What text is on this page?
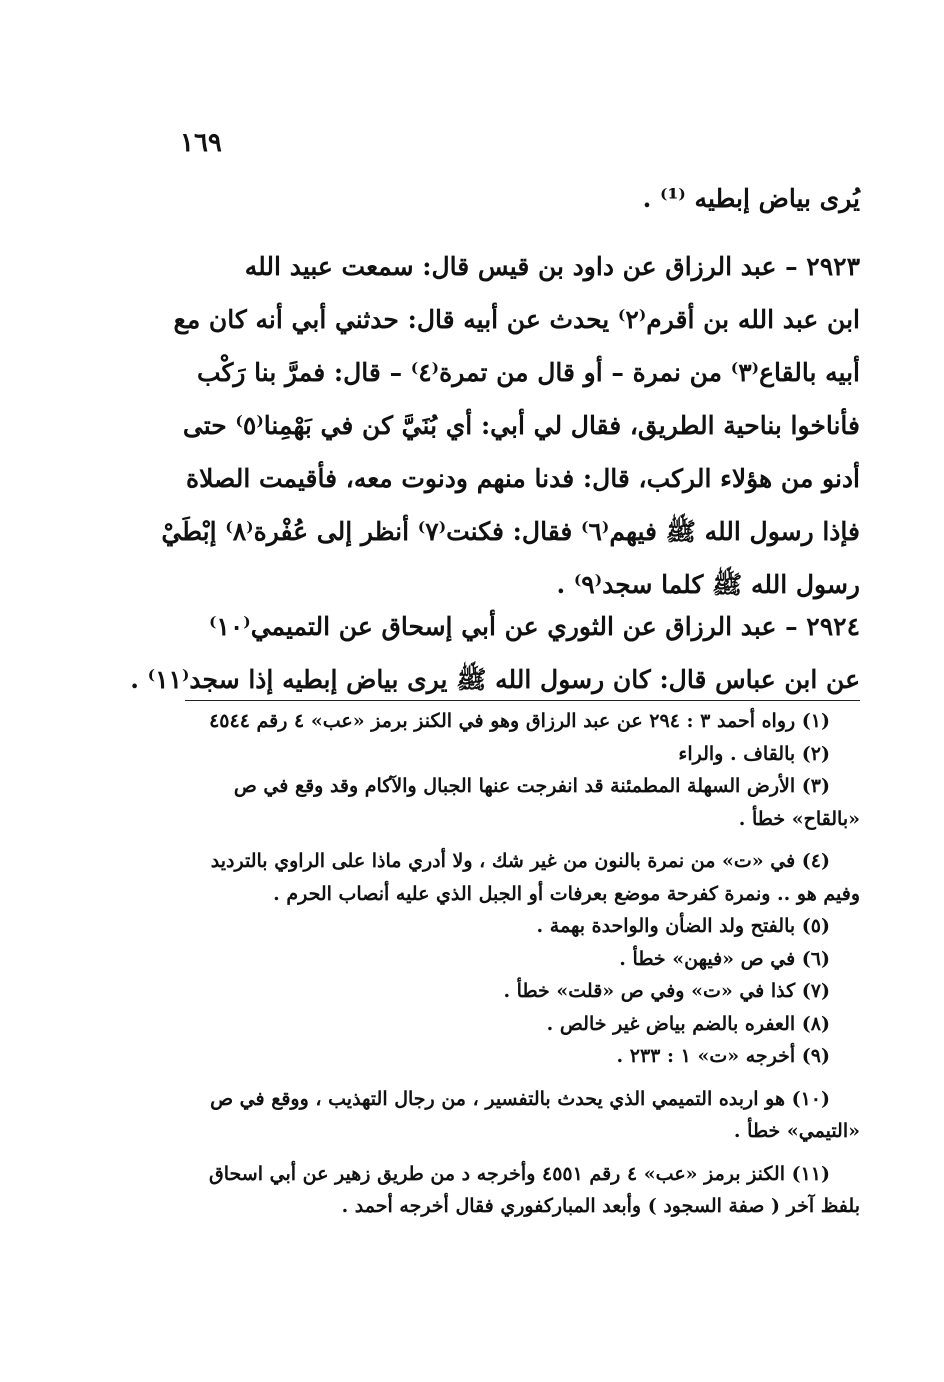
١٦٩
يُرى بياض إبطيه ⁽¹⁾ .
٢٩٢٣ – عبد الرزاق عن داود بن قيس قال: سمعت عبيد الله
ابن عبد الله بن أقرم⁽٢⁾ يحدث عن أبيه قال: حدثني أبي أنه كان مع
أبيه بالقاع⁽٣⁾ من نمرة – أو قال من تمرة⁽٤⁾ – قال: فمرَّ بنا رَكْب
فأناخوا بناحية الطريق، فقال لي أبي: أي بُنَيَّ كن في بَهْمِنا⁽٥⁾ حتى
أدنو من هؤلاء الركب، قال: فدنا منهم ودنوت معه، فأقيمت الصلاة
فإذا رسول الله ﷺ فيهم⁽٦⁾ فقال: فكنت⁽٧⁾ أنظر إلى عُفْرة⁽٨⁾ إبْطَيْ
رسول الله ﷺ كلما سجد⁽٩⁾ .
٢٩٢٤ – عبد الرزاق عن الثوري عن أبي إسحاق عن التميمي⁽١٠⁾
عن ابن عباس قال: كان رسول الله ﷺ يرى بياض إبطيه إذا سجد⁽١١⁾ .
(١) رواه أحمد ٣ : ٢٩٤ عن عبد الرزاق وهو في الكنز برمز «عب» ٤ رقم ٤٥٤٤
(٢) بالقاف . والراء
(٣) الأرض السهلة المطمئنة قد انفرجت عنها الجبال والآكام وقد وقع في ص
«بالقاح» خطأ .
(٤) في «ت» من نمرة بالنون من غير شك ، ولا أدري ماذا على الراوي بالترديد
وفيم هو .. ونمرة كفرحة موضع بعرفات أو الجبل الذي عليه أنصاب الحرم .
(٥) بالفتح ولد الضأن والواحدة بهمة .
(٦) في ص «فيهن» خطأ .
(٧) كذا في «ت» وفي ص «قلت» خطأ .
(٨) العفره بالضم بياض غير خالص .
(٩) أخرجه «ت» ١ : ٢٣٣ .
(١٠) هو اربده التميمي الذي يحدث بالتفسير ، من رجال التهذيب ، ووقع في ص
«التيمي» خطأ .
(١١) الكنز برمز «عب» ٤ رقم ٤٥٥١ وأخرجه د من طريق زهير عن أبي اسحاق
بلفظ آخر ( صفة السجود ) وأبعد المباركفوري فقال أخرجه أحمد .
